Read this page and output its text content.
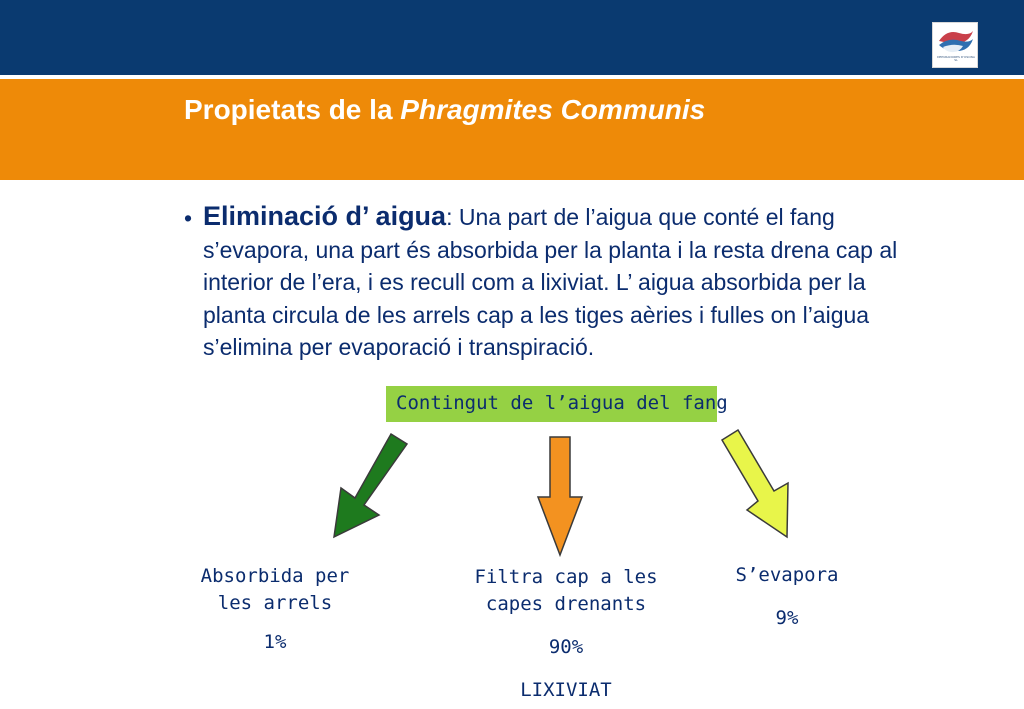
DEPURADORES D'OSONA SL
Propietats de la Phragmites Communis
• Eliminació d’ aigua: Una part de l’aigua que conté el fang
s’evapora, una part és absorbida per la planta i la resta drena cap al
interior de l’era, i es recull com a lixiviat. L’ aigua absorbida per la
planta circula de les arrels cap a les tiges aèries i fulles on l’aigua
s’elimina per evaporació i transpiració.
Contingut de l’aigua del fang
Absorbida per
les arrels
1%
Filtra cap a les
capes drenants
90%
LIXIVIAT
S’evapora
9%
